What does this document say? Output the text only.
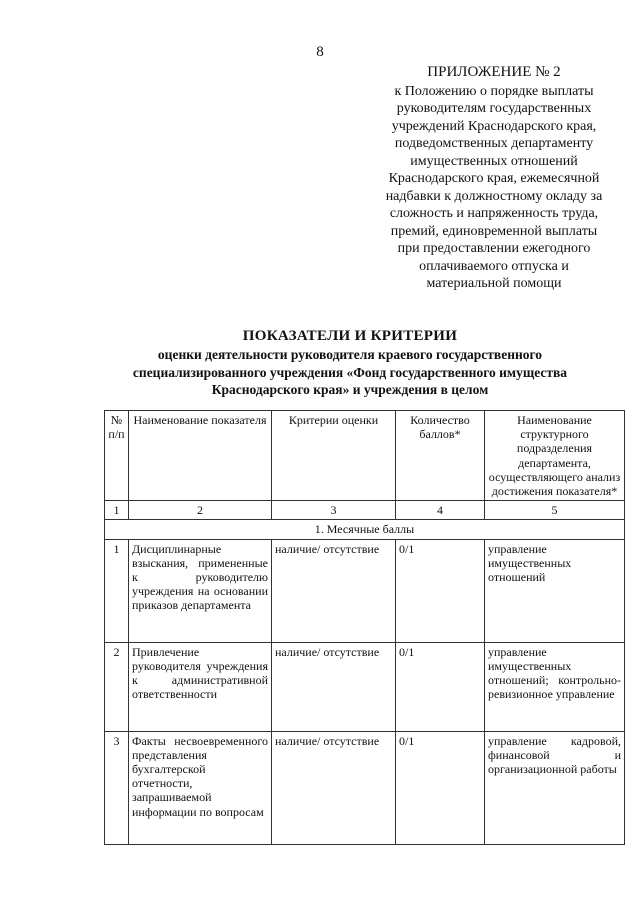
8
ПРИЛОЖЕНИЕ № 2
к Положению о порядке выплаты
руководителям государственных
учреждений Краснодарского края,
подведомственных департаменту
имущественных отношений
Краснодарского края, ежемесячной
надбавки к должностному окладу за
сложность и напряженность труда,
премий, единовременной выплаты
при предоставлении ежегодного
оплачиваемого отпуска и
материальной помощи
ПОКАЗАТЕЛИ И КРИТЕРИИ
оценки деятельности руководителя краевого государственного
специализированного учреждения «Фонд государственного имущества
Краснодарского края» и учреждения в целом
№ п/п	Наименование показателя	Критерии оценки	Количество баллов*	Наименование структурного подразделения департамента, осуществляющего анализ достижения показателя*
1	2	3	4	5
1. Месячные баллы				
1	Дисциплинарные взыскания, примененные к руководителю учреждения на основании приказов департамента	наличие/ отсутствие	0/1	управление имущественных отношений
2	Привлечение руководителя учреждения к административной ответственности	наличие/ отсутствие	0/1	управление имущественных отношений; контрольно-ревизионное управление
3	Факты несвоевременного представления бухгалтерской отчетности, запрашиваемой информации по вопросам	наличие/ отсутствие	0/1	управление кадровой, финансовой и организационной работы
